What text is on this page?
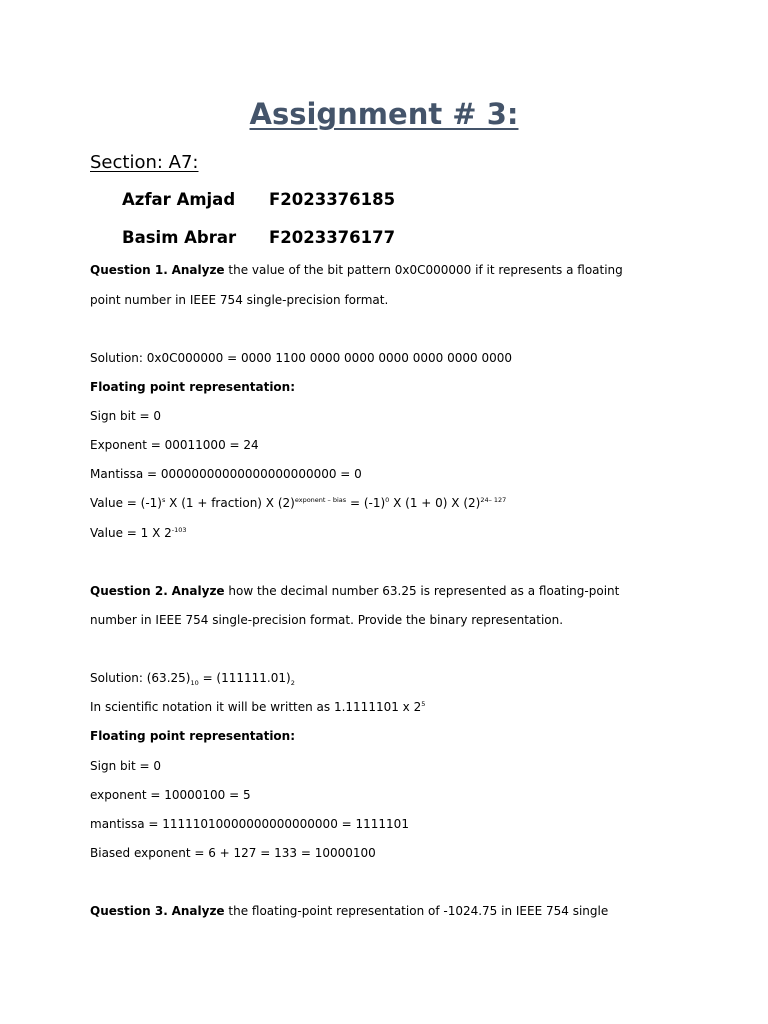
Assignment # 3:
Section: A7:
Azfar Amjad F2023376185
Basim Abrar F2023376177
Question 1. Analyze the value of the bit pattern 0x0C000000 if it represents a floating
point number in IEEE 754 single-precision format.
Solution: 0x0C000000 = 0000 1100 0000 0000 0000 0000 0000 0000
Floating point representation:
Sign bit = 0
Exponent = 00011000 = 24
Mantissa = 00000000000000000000000 = 0
Value = $(-1)^s$ X (1 + fraction) X $(2)^{exponent - bias} = (-1)^0$ X (1 + 0) X $(2)^{24- 127}$
Value = 1 X $2^{-103}$
Question 2. Analyze how the decimal number 63.25 is represented as a floating-point
number in IEEE 754 single-precision format. Provide the binary representation.
Solution: $(63.25)_{10} = (111111.01)_2$
In scientific notation it will be written as 1.1111101 x $2^5$
Floating point representation:
Sign bit = 0
exponent = 10000100 = 5
mantissa = 11111010000000000000000 = 1111101
Biased exponent = 6 + 127 = 133 = 10000100
Question 3. Analyze the floating-point representation of -1024.75 in IEEE 754 single
